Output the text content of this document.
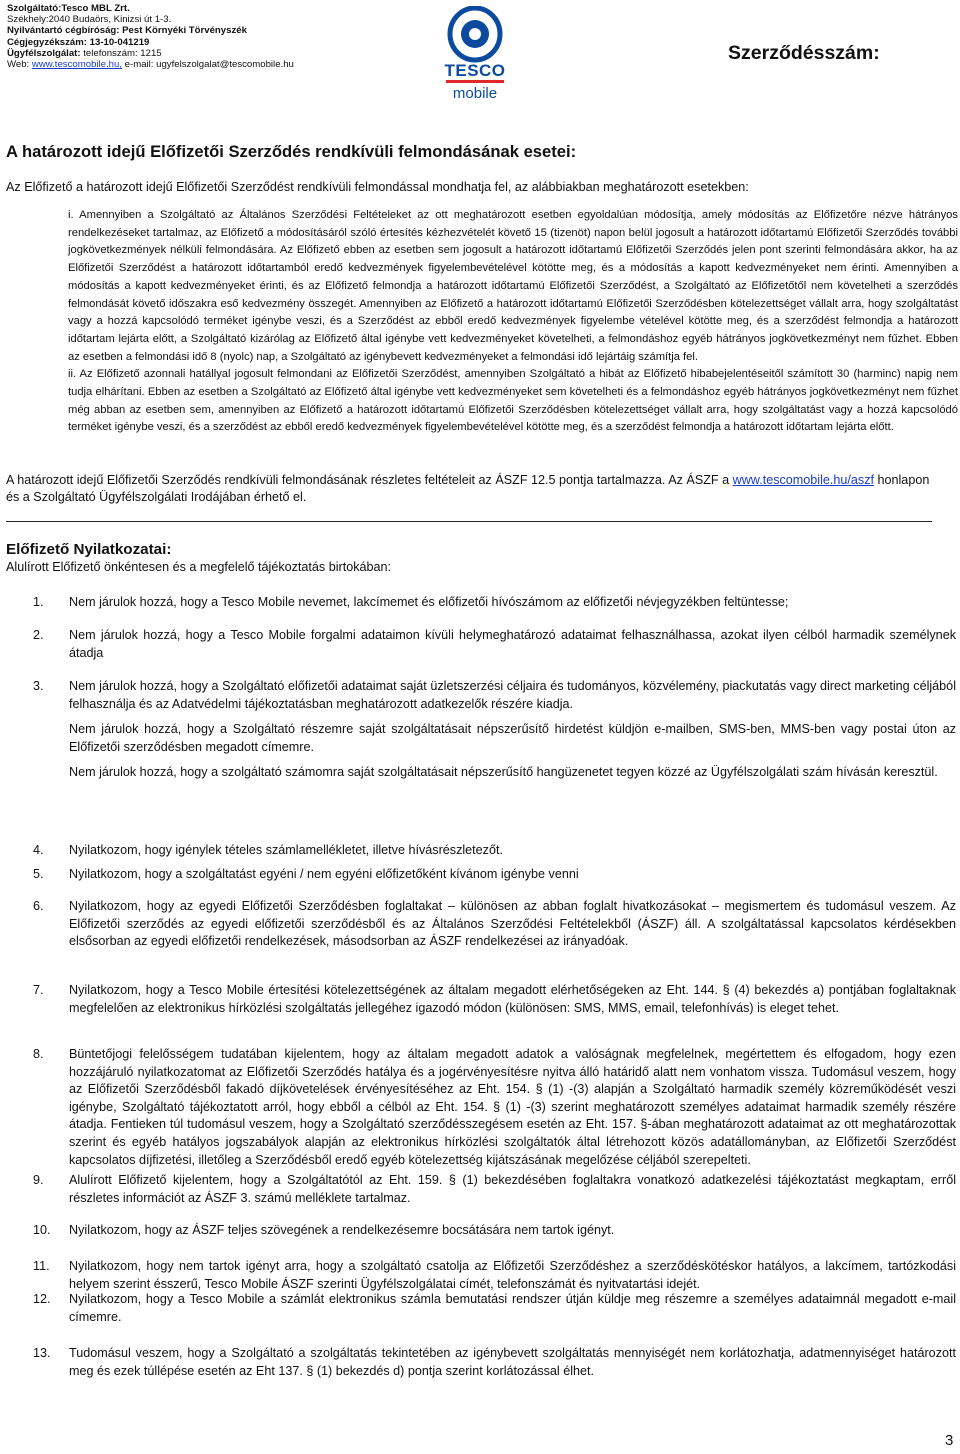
Szolgáltató:Tesco MBL Zrt.
Székhely:2040 Budaörs, Kinizsi út 1-3.
Nyilvántartó cégbíróság: Pest Környéki Törvényszék
Cégjegyzékszám: 13-10-041219
Ügyfélszolgálat: telefonszám: 1215
Web: www.tescomobile.hu, e-mail: ugyfelszolgalat@tescomobile.hu	TESCO
mobile
Szerződésszám:
A határozott idejű Előfizetői Szerződés rendkívüli felmondásának esetei:
Az Előfizető a határozott idejű Előfizetői Szerződést rendkívüli felmondással mondhatja fel, az alábbiakban meghatározott esetekben:

i. Amennyiben a Szolgáltató az Általános Szerződési Feltételeket az ott meghatározott esetben egyoldalúan módosítja, amely módosítás az Előfizetőre nézve hátrányos rendelkezéseket tartalmaz, az Előfizető a módosításáról szóló értesítés kézhezvételét követő 15 (tizenöt) napon belül jogosult a határozott időtartamú Előfizetői Szerződés további jogkövetkezmények nélküli felmondására. Az Előfizető ebben az esetben sem jogosult a határozott időtartamú Előfizetői Szerződés jelen pont szerinti felmondására akkor, ha az Előfizetői Szerződést a határozott időtartamból eredő kedvezmények figyelembevételével kötötte meg, és a módosítás a kapott kedvezményeket nem érinti. Amennyiben a módosítás a kapott kedvezményeket érinti, és az Előfizető felmondja a határozott időtartamú Előfizetői Szerződést, a Szolgáltató az Előfizetőtől nem követelheti a szerződés felmondását követő időszakra eső kedvezmény összegét. Amennyiben az Előfizető a határozott időtartamú Előfizetői Szerződésben kötelezettséget vállalt arra, hogy szolgáltatást vagy a hozzá kapcsolódó terméket igénybe veszi, és a Szerződést az ebből eredő kedvezmények figyelembe vételével kötötte meg, és a szerződést felmondja a határozott időtartam lejárta előtt, a Szolgáltató kizárólag az Előfizető által igénybe vett kedvezményeket követelheti, a felmondáshoz egyéb hátrányos jogkövetkezményt nem fűzhet. Ebben az esetben a felmondási idő 8 (nyolc) nap, a Szolgáltató az igénybevett kedvezményeket a felmondási idő lejártáig számítja fel.

ii. Az Előfizető azonnali hatállyal jogosult felmondani az Előfizetői Szerződést, amennyiben Szolgáltató a hibát az Előfizető hibabejelentéseitől számított 30 (harminc) napig nem tudja elhárítani. Ebben az esetben a Szolgáltató az Előfizető által igénybe vett kedvezményeket sem követelheti és a felmondáshoz egyéb hátrányos jogkövetkezményt nem fűzhet még abban az esetben sem, amennyiben az Előfizető a határozott időtartamú Előfizetői Szerződésben kötelezettséget vállalt arra, hogy szolgáltatást vagy a hozzá kapcsolódó terméket igénybe veszi, és a szerződést az ebből eredő kedvezmények figyelembevételével kötötte meg, és a szerződést felmondja a határozott időtartam lejárta előtt.

A határozott idejű Előfizetői Szerződés rendkívüli felmondásának részletes feltételeit az ÁSZF 12.5 pontja tartalmazza. Az ÁSZF a www.tescomobile.hu/aszf honlapon és a Szolgáltató Ügyfélszolgálati Irodájában érhető el.
Előfizető Nyilatkozatai:
Alulírott Előfizető önkéntesen és a megfelelő tájékoztatás birtokában:
1. Nem járulok hozzá, hogy a Tesco Mobile nevemet, lakcímemet és előfizetői hívószámom az előfizetői névjegyzékben feltüntesse;

2. Nem járulok hozzá, hogy a Tesco Mobile forgalmi adataimon kívüli helymeghatározó adataimat felhasználhassa, azokat ilyen célból harmadik személynek átadja

3. Nem járulok hozzá, hogy a Szolgáltató előfizetői adataimat saját üzletszerzési céljaira és tudományos, közvélemény, piackutatás vagy direct marketing céljából felhasználja és az Adatvédelmi tájékoztatásban meghatározott adatkezelők részére kiadja.

Nem járulok hozzá, hogy a Szolgáltató részemre saját szolgáltatásait népszerűsítő hirdetést küldjön e-mailben, SMS-ben, MMS-ben vagy postai úton az Előfizetői szerződésben megadott címemre.

Nem járulok hozzá, hogy a szolgáltató számomra saját szolgáltatásait népszerűsítő hangüzenetet tegyen közzé az Ügyfélszolgálati szám hívásán keresztül.

4. Nyilatkozom, hogy igénylek tételes számlamellékletet, illetve hívásrészletezőt.

5. Nyilatkozom, hogy a szolgáltatást egyéni / nem egyéni előfizetőként kívánom igénybe venni

6. Nyilatkozom, hogy az egyedi Előfizetői Szerződésben foglaltakat – különösen az abban foglalt hivatkozásokat – megismertem és tudomásul veszem. Az Előfizetői szerződés az egyedi előfizetői szerződésből és az Általános Szerződési Feltételekből (ÁSZF) áll. A szolgáltatással kapcsolatos kérdésekben elsősorban az egyedi előfizetői rendelkezések, másodsorban az ÁSZF rendelkezései az irányadóak.

7. Nyilatkozom, hogy a Tesco Mobile értesítési kötelezettségének az általam megadott elérhetőségeken az Eht. 144. § (4) bekezdés a) pontjában foglaltaknak megfelelően az elektronikus hírközlési szolgáltatás jellegéhez igazodó módon (különösen: SMS, MMS, email, telefonhívás) is eleget tehet.

8. Büntetőjogi felelősségem tudatában kijelentem, hogy az általam megadott adatok a valóságnak megfelelnek, megértettem és elfogadom, hogy ezen hozzájáruló nyilatkozatomat az Előfizetői Szerződés hatálya és a jogérvényesítésre nyitva álló határidő alatt nem vonhatom vissza. Tudomásul veszem, hogy az Előfizetői Szerződésből fakadó díjkövetelések érvényesítéséhez az Eht. 154. § (1) -(3) alapján a Szolgáltató harmadik személy közreműködését veszi igénybe, Szolgáltató tájékoztatott arról, hogy ebből a célból az Eht. 154. § (1) -(3) szerint meghatározott személyes adataimat harmadik személy részére átadja. Fentieken túl tudomásul veszem, hogy a Szolgáltató szerződésszegésem esetén az Eht. 157. §-ában meghatározott adataimat az ott meghatározottak szerint és egyéb hatályos jogszabályok alapján az elektronikus hírközlési szolgáltatók által létrehozott közös adatállományban, az Előfizetői Szerződést kapcsolatos díjfizetési, illetőleg a Szerződésből eredő egyéb kötelezettség kijátszásának megelőzése céljából szerepelteti.

9. Alulírott Előfizető kijelentem, hogy a Szolgáltatótól az Eht. 159. § (1) bekezdésében foglaltakra vonatkozó adatkezelési tájékoztatást megkaptam, erről részletes információt az ÁSZF 3. számú melléklete tartalmaz.

10. Nyilatkozom, hogy az ÁSZF teljes szövegének a rendelkezésemre bocsátására nem tartok igényt.

11. Nyilatkozom, hogy nem tartok igényt arra, hogy a szolgáltató csatolja az Előfizetői Szerződéshez a szerződéskötéskor hatályos, a lakcímem, tartózkodási helyem szerint ésszerű, Tesco Mobile ÁSZF szerinti Ügyfélszolgálatai címét, telefonszámát és nyitvatartási idejét.

12. Nyilatkozom, hogy a Tesco Mobile a számlát elektronikus számla bemutatási rendszer útján küldje meg részemre a személyes adataimnál megadott e-mail címemre.

13. Tudomásul veszem, hogy a Szolgáltató a szolgáltatás tekintetében az igénybevett szolgáltatás mennyiségét nem korlátozhatja, adatmennyiséget határozott meg és ezek túllépése esetén az Eht 137. § (1) bekezdés d) pontja szerint korlátozással élhet.

3
